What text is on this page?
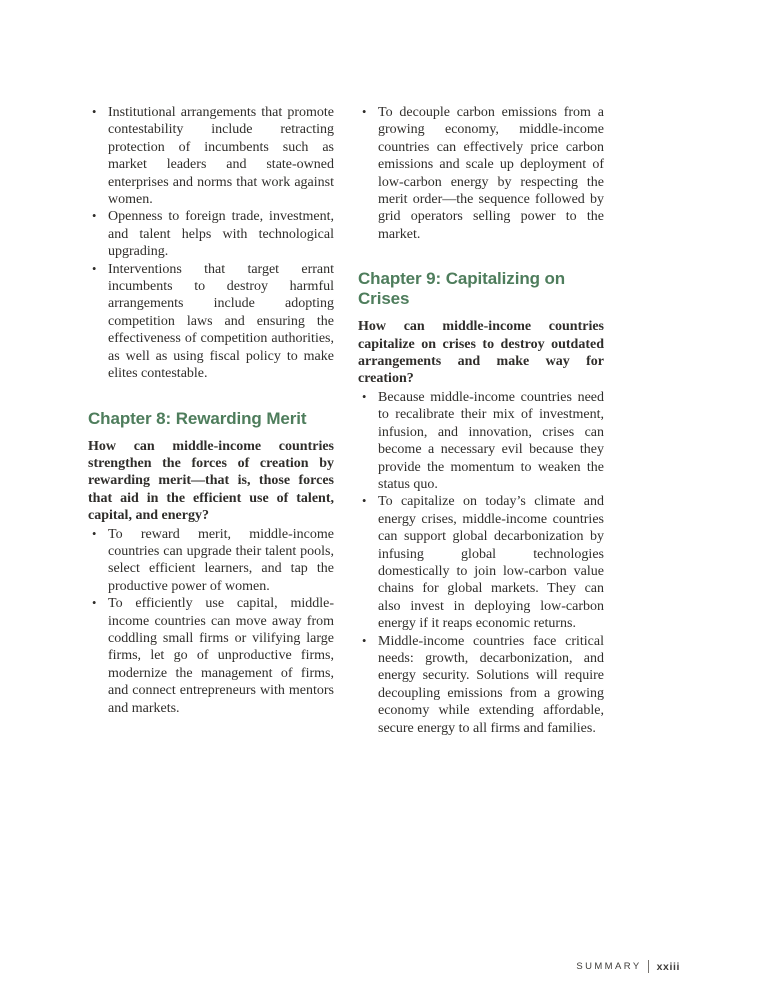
• Institutional arrangements that promote contestability include retracting protection of incumbents such as market leaders and state-owned enterprises and norms that work against women.
• Openness to foreign trade, investment, and talent helps with technological upgrading.
• Interventions that target errant incumbents to destroy harmful arrangements include adopting competition laws and ensuring the effectiveness of competition authorities, as well as using fiscal policy to make elites contestable.
Chapter 8: Rewarding Merit

How can middle-income countries strengthen the forces of creation by rewarding merit—that is, those forces that aid in the efficient use of talent, capital, and energy?

• To reward merit, middle-income countries can upgrade their talent pools, select efficient learners, and tap the productive power of women.
• To efficiently use capital, middle-income countries can move away from coddling small firms or vilifying large firms, let go of unproductive firms, modernize the management of firms, and connect entrepreneurs with mentors and markets.
• To decouple carbon emissions from a growing economy, middle-income countries can effectively price carbon emissions and scale up deployment of low-carbon energy by respecting the merit order—the sequence followed by grid operators selling power to the market.
Chapter 9: Capitalizing on Crises

How can middle-income countries capitalize on crises to destroy outdated arrangements and make way for creation?

• Because middle-income countries need to recalibrate their mix of investment, infusion, and innovation, crises can become a necessary evil because they provide the momentum to weaken the status quo.
• To capitalize on today’s climate and energy crises, middle-income countries can support global decarbonization by infusing global technologies domestically to join low-carbon value chains for global markets. They can also invest in deploying low-carbon energy if it reaps economic returns.
• Middle-income countries face critical needs: growth, decarbonization, and energy security. Solutions will require decoupling emissions from a growing economy while extending affordable, secure energy to all firms and families.
SUMMARY xxiii
